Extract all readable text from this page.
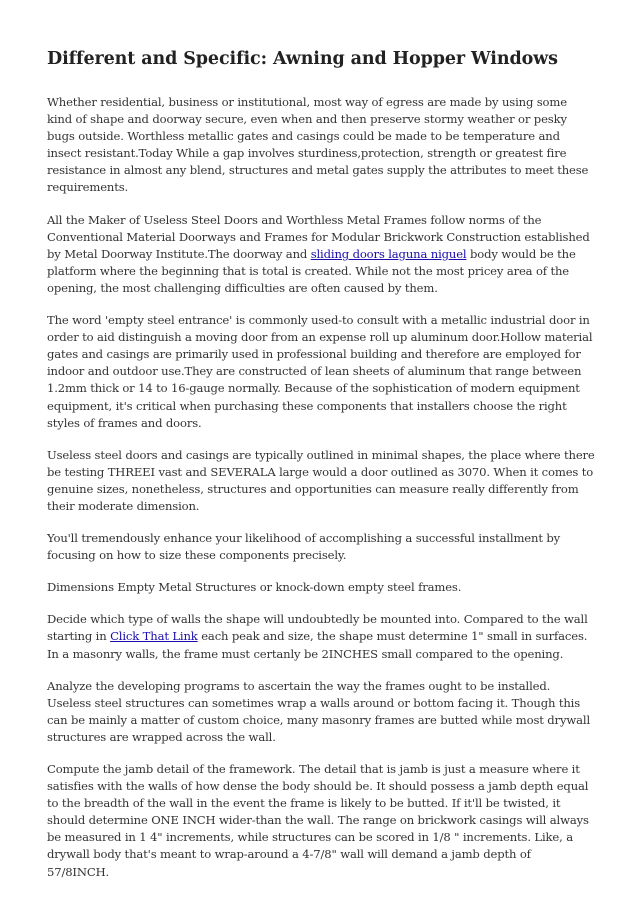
Different and Specific: Awning and Hopper Windows

Whether residential, business or institutional, most way of egress are made by using some kind of shape and doorway secure, even when and then preserve stormy weather or pesky bugs outside. Worthless metallic gates and casings could be made to be temperature and insect resistant.Today While a gap involves sturdiness,protection, strength or greatest fire resistance in almost any blend, structures and metal gates supply the attributes to meet these requirements.

All the Maker of Useless Steel Doors and Worthless Metal Frames follow norms of the Conventional Material Doorways and Frames for Modular Brickwork Construction established by Metal Doorway Institute.The doorway and sliding doors laguna niguel body would be the platform where the beginning that is total is created. While not the most pricey area of the opening, the most challenging difficulties are often caused by them.

The word 'empty steel entrance' is commonly used-to consult with a metallic industrial door in order to aid distinguish a moving door from an expense roll up aluminum door.Hollow material gates and casings are primarily used in professional building and therefore are employed for indoor and outdoor use.They are constructed of lean sheets of aluminum that range between 1.2mm thick or 14 to 16-gauge normally. Because of the sophistication of modern equipment equipment, it's critical when purchasing these components that installers choose the right styles of frames and doors.

Useless steel doors and casings are typically outlined in minimal shapes, the place where there be testing THREEI vast and SEVERALA large would a door outlined as 3070. When it comes to genuine sizes, nonetheless, structures and opportunities can measure really differently from their moderate dimension.

You'll tremendously enhance your likelihood of accomplishing a successful installment by focusing on how to size these components precisely.

Dimensions Empty Metal Structures or knock-down empty steel frames.

Decide which type of walls the shape will undoubtedly be mounted into. Compared to the wall starting in Click That Link each peak and size, the shape must determine 1" small in surfaces. In a masonry walls, the frame must certanly be 2INCHES small compared to the opening.

Analyze the developing programs to ascertain the way the frames ought to be installed. Useless steel structures can sometimes wrap a walls around or bottom facing it. Though this can be mainly a matter of custom choice, many masonry frames are butted while most drywall structures are wrapped across the wall.

Compute the jamb detail of the framework. The detail that is jamb is just a measure where it satisfies with the walls of how dense the body should be. It should possess a jamb depth equal to the breadth of the wall in the event the frame is likely to be butted. If it'll be twisted, it should determine ONE INCH wider-than the wall. The range on brickwork casings will always be measured in 1 4" increments, while structures can be scored in 1/8 " increments. Like, a drywall body that's meant to wrap-around a 4-7/8" wall will demand a jamb depth of 57/8INCH.
